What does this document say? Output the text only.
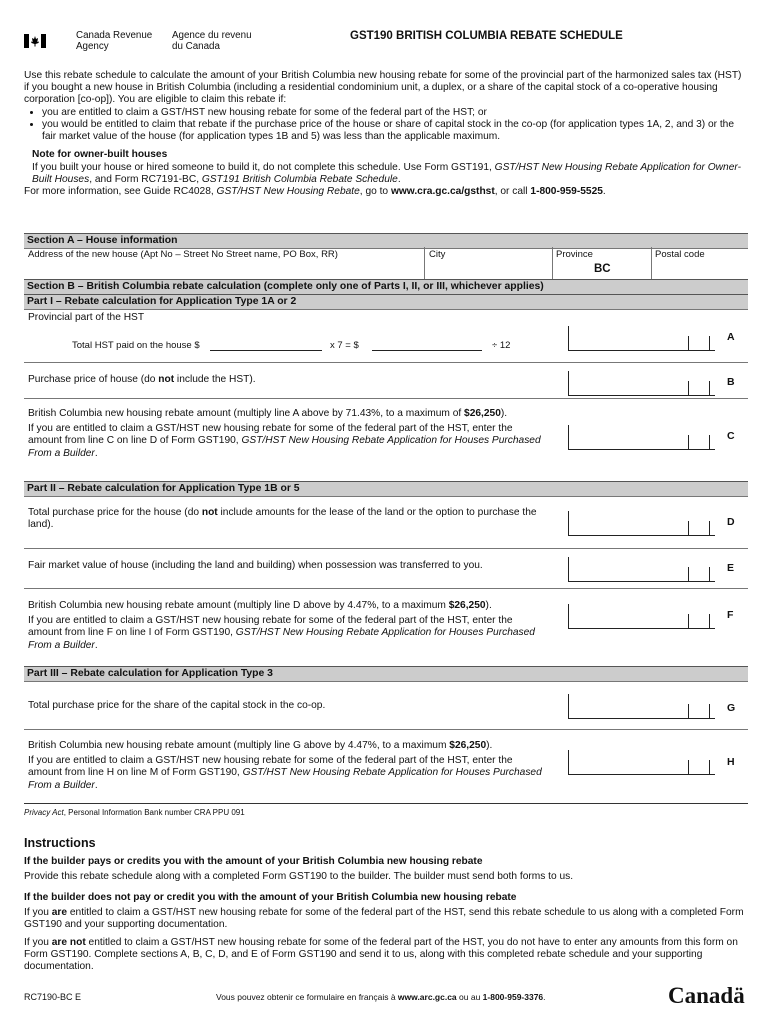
Canada Revenue
Agency
Agence du revenu
du Canada
GST190 BRITISH COLUMBIA REBATE SCHEDULE

Use this rebate schedule to calculate the amount of your British Columbia new housing rebate for some of the provincial part of the harmonized sales tax (HST) if you bought a new house in British Columbia (including a residential condominium unit, a duplex, or a share of the capital stock of a co-operative housing corporation [co-op]). You are eligible to claim this rebate if:

• you are entitled to claim a GST/HST new housing rebate for some of the federal part of the HST; or
• you would be entitled to claim that rebate if the purchase price of the house or share of capital stock in the co-op (for application types 1A, 2, and 3) or the fair market value of the house (for application types 1B and 5) was less than the applicable maximum.
Note for owner-built houses
If you built your house or hired someone to build it, do not complete this schedule. Use Form GST191, GST/HST New Housing Rebate Application for Owner-Built Houses, and Form RC7191-BC, GST191 British Columbia Rebate Schedule.

For more information, see Guide RC4028, GST/HST New Housing Rebate, go to www.cra.gc.ca/gsthst, or call 1-800-959-5525.

Section A – House information
Address of the new house (Apt No – Street No Street name, PO Box, RR)	City	Province
BC
Postal code
Section B – British Columbia rebate calculation (complete only one of Parts I, II, or III, whichever applies)
Part I – Rebate calculation for Application Type 1A or 2
Provincial part of the HST
Total HST paid on the house $	x 7 = $	÷ 12
A
Purchase price of house (do not include the HST).	B

British Columbia new housing rebate amount (multiply line A above by 71.43%, to a maximum of $26,250).

If you are entitled to claim a GST/HST new housing rebate for some of the federal part of the HST, enter the amount from line C on line D of Form GST190, GST/HST New Housing Rebate Application for Houses Purchased From a Builder.

C
Part II – Rebate calculation for Application Type 1B or 5
Total purchase price for the house (do not include amounts for the lease of the land or the option to purchase the land).	D
Fair market value of house (including the land and building) when possession was transferred to you.	E

British Columbia new housing rebate amount (multiply line D above by 4.47%, to a maximum $26,250).

If you are entitled to claim a GST/HST new housing rebate for some of the federal part of the HST, enter the amount from line F on line I of Form GST190, GST/HST New Housing Rebate Application for Houses Purchased From a Builder.

F
Part III – Rebate calculation for Application Type 3
Total purchase price for the share of the capital stock in the co-op.	G

British Columbia new housing rebate amount (multiply line G above by 4.47%, to a maximum $26,250).

If you are entitled to claim a GST/HST new housing rebate for some of the federal part of the HST, enter the amount from line H on line M of Form GST190, GST/HST New Housing Rebate Application for Houses Purchased From a Builder.

H
Privacy Act, Personal Information Bank number CRA PPU 091
Instructions
If the builder pays or credits you with the amount of your British Columbia new housing rebate
Provide this rebate schedule along with a completed Form GST190 to the builder. The builder must send both forms to us.
If the builder does not pay or credit you with the amount of your British Columbia new housing rebate
If you are entitled to claim a GST/HST new housing rebate for some of the federal part of the HST, send this rebate schedule to us along with a completed Form GST190 and your supporting documentation.
If you are not entitled to claim a GST/HST new housing rebate for some of the federal part of the HST, you do not have to enter any amounts from this form on Form GST190. Complete sections A, B, C, D, and E of Form GST190 and send it to us, along with this completed rebate schedule and your supporting documentation.
RC7190-BC E	Vous pouvez obtenir ce formulaire en français à www.arc.gc.ca ou au 1-800-959-3376.	Canadä
